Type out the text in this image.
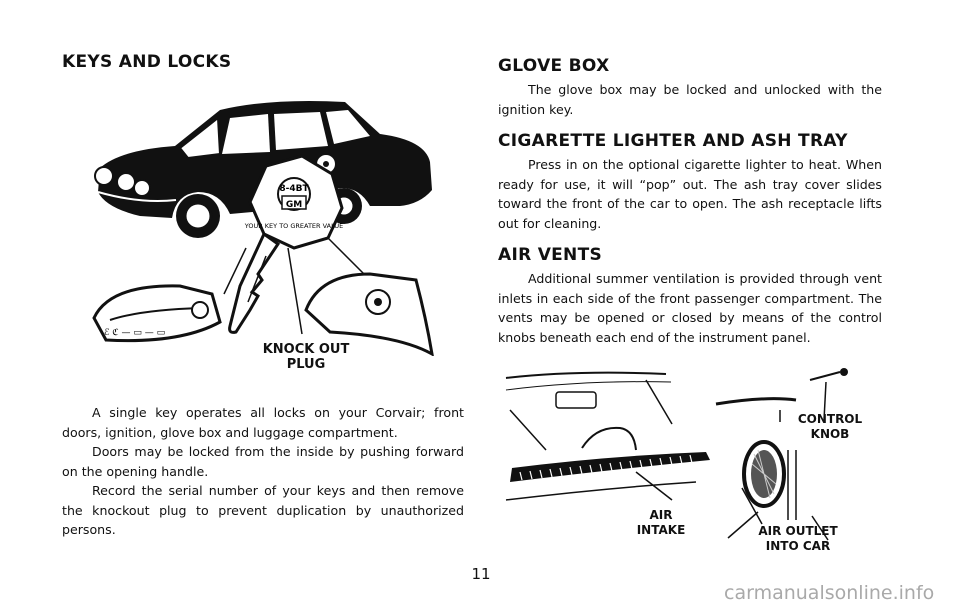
KEYS AND LOCKS
8-4BT
GM
YOUR KEY TO GREATER VALUE
ℰ ℭ — ▭ — ▭
KNOCK OUT
PLUG

A single key operates all locks on your Corvair; front doors, ignition, glove box and luggage compartment.

Doors may be locked from the inside by pushing forward on the opening handle.

Record the serial number of your keys and then remove the knockout plug to prevent duplication by unauthorized persons.

GLOVE BOX

The glove box may be locked and unlocked with the ignition key.

CIGARETTE LIGHTER AND ASH TRAY

Press in on the optional cigarette lighter to heat. When ready for use, it will “pop” out. The ash tray cover slides toward the front of the car to open. The ash receptacle lifts out for cleaning.

AIR VENTS

Additional summer ventilation is provided through vent inlets in each side of the front passenger compartment. The vents may be opened or closed by means of the control knobs beneath each end of the instrument panel.

CONTROL
KNOB
AIR
INTAKE	AIR OUTLET
INTO CAR
11
carmanualsonline.info
